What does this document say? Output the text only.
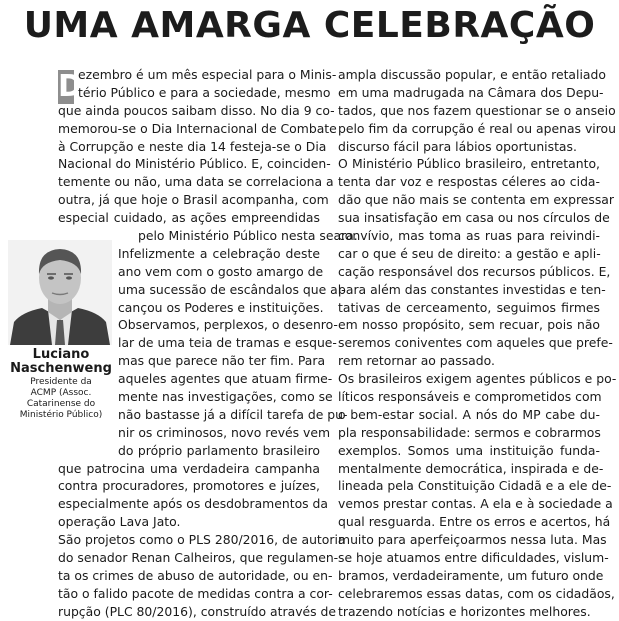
UMA AMARGA CELEBRAÇÃO
D
Luciano
Naschenweng
Presidente da
ACMP (Assoc.
Catarinense do
Ministério Público)
ezembro é um mês especial para o Minis-
tério Público e para a sociedade, mesmo
que ainda poucos saibam disso. No dia 9 co-
memorou-se o Dia Internacional de Combate
à Corrupção e neste dia 14 festeja-se o Dia
Nacional do Ministério Público. E, coinciden-
temente ou não, uma data se correlaciona a
outra, já que hoje o Brasil acompanha, com
especial cuidado, as ações empreendidas
pelo Ministério Público nesta seara.
Infelizmente a celebração deste
ano vem com o gosto amargo de
uma sucessão de escândalos que al-
cançou os Poderes e instituições.
Observamos, perplexos, o desenro-
lar de uma teia de tramas e esque-
mas que parece não ter fim. Para
aqueles agentes que atuam firme-
mente nas investigações, como se
não bastasse já a difícil tarefa de pu-
nir os criminosos, novo revés vem
do próprio parlamento brasileiro
que patrocina uma verdadeira campanha
contra procuradores, promotores e juízes,
especialmente após os desdobramentos da
operação Lava Jato.
São projetos como o PLS 280/2016, de autoria
do senador Renan Calheiros, que regulamen-
ta os crimes de abuso de autoridade, ou en-
tão o falido pacote de medidas contra a cor-
rupção (PLC 80/2016), construído através de
ampla discussão popular, e então retaliado
em uma madrugada na Câmara dos Depu-
tados, que nos fazem questionar se o anseio
pelo fim da corrupção é real ou apenas virou
discurso fácil para lábios oportunistas.
O Ministério Público brasileiro, entretanto,
tenta dar voz e respostas céleres ao cida-
dão que não mais se contenta em expressar
sua insatisfação em casa ou nos círculos de
convívio, mas toma as ruas para reivindi-
car o que é seu de direito: a gestão e apli-
cação responsável dos recursos públicos. E,
para além das constantes investidas e ten-
tativas de cerceamento, seguimos firmes
em nosso propósito, sem recuar, pois não
seremos coniventes com aqueles que prefe-
rem retornar ao passado.
Os brasileiros exigem agentes públicos e po-
líticos responsáveis e comprometidos com
o bem-estar social. A nós do MP cabe du-
pla responsabilidade: sermos e cobrarmos
exemplos. Somos uma instituição funda-
mentalmente democrática, inspirada e de-
lineada pela Constituição Cidadã e a ele de-
vemos prestar contas. A ela e à sociedade a
qual resguarda. Entre os erros e acertos, há
muito para aperfeiçoarmos nessa luta. Mas
se hoje atuamos entre dificuldades, vislum-
bramos, verdadeiramente, um futuro onde
celebraremos essas datas, com os cidadãos,
trazendo notícias e horizontes melhores.
